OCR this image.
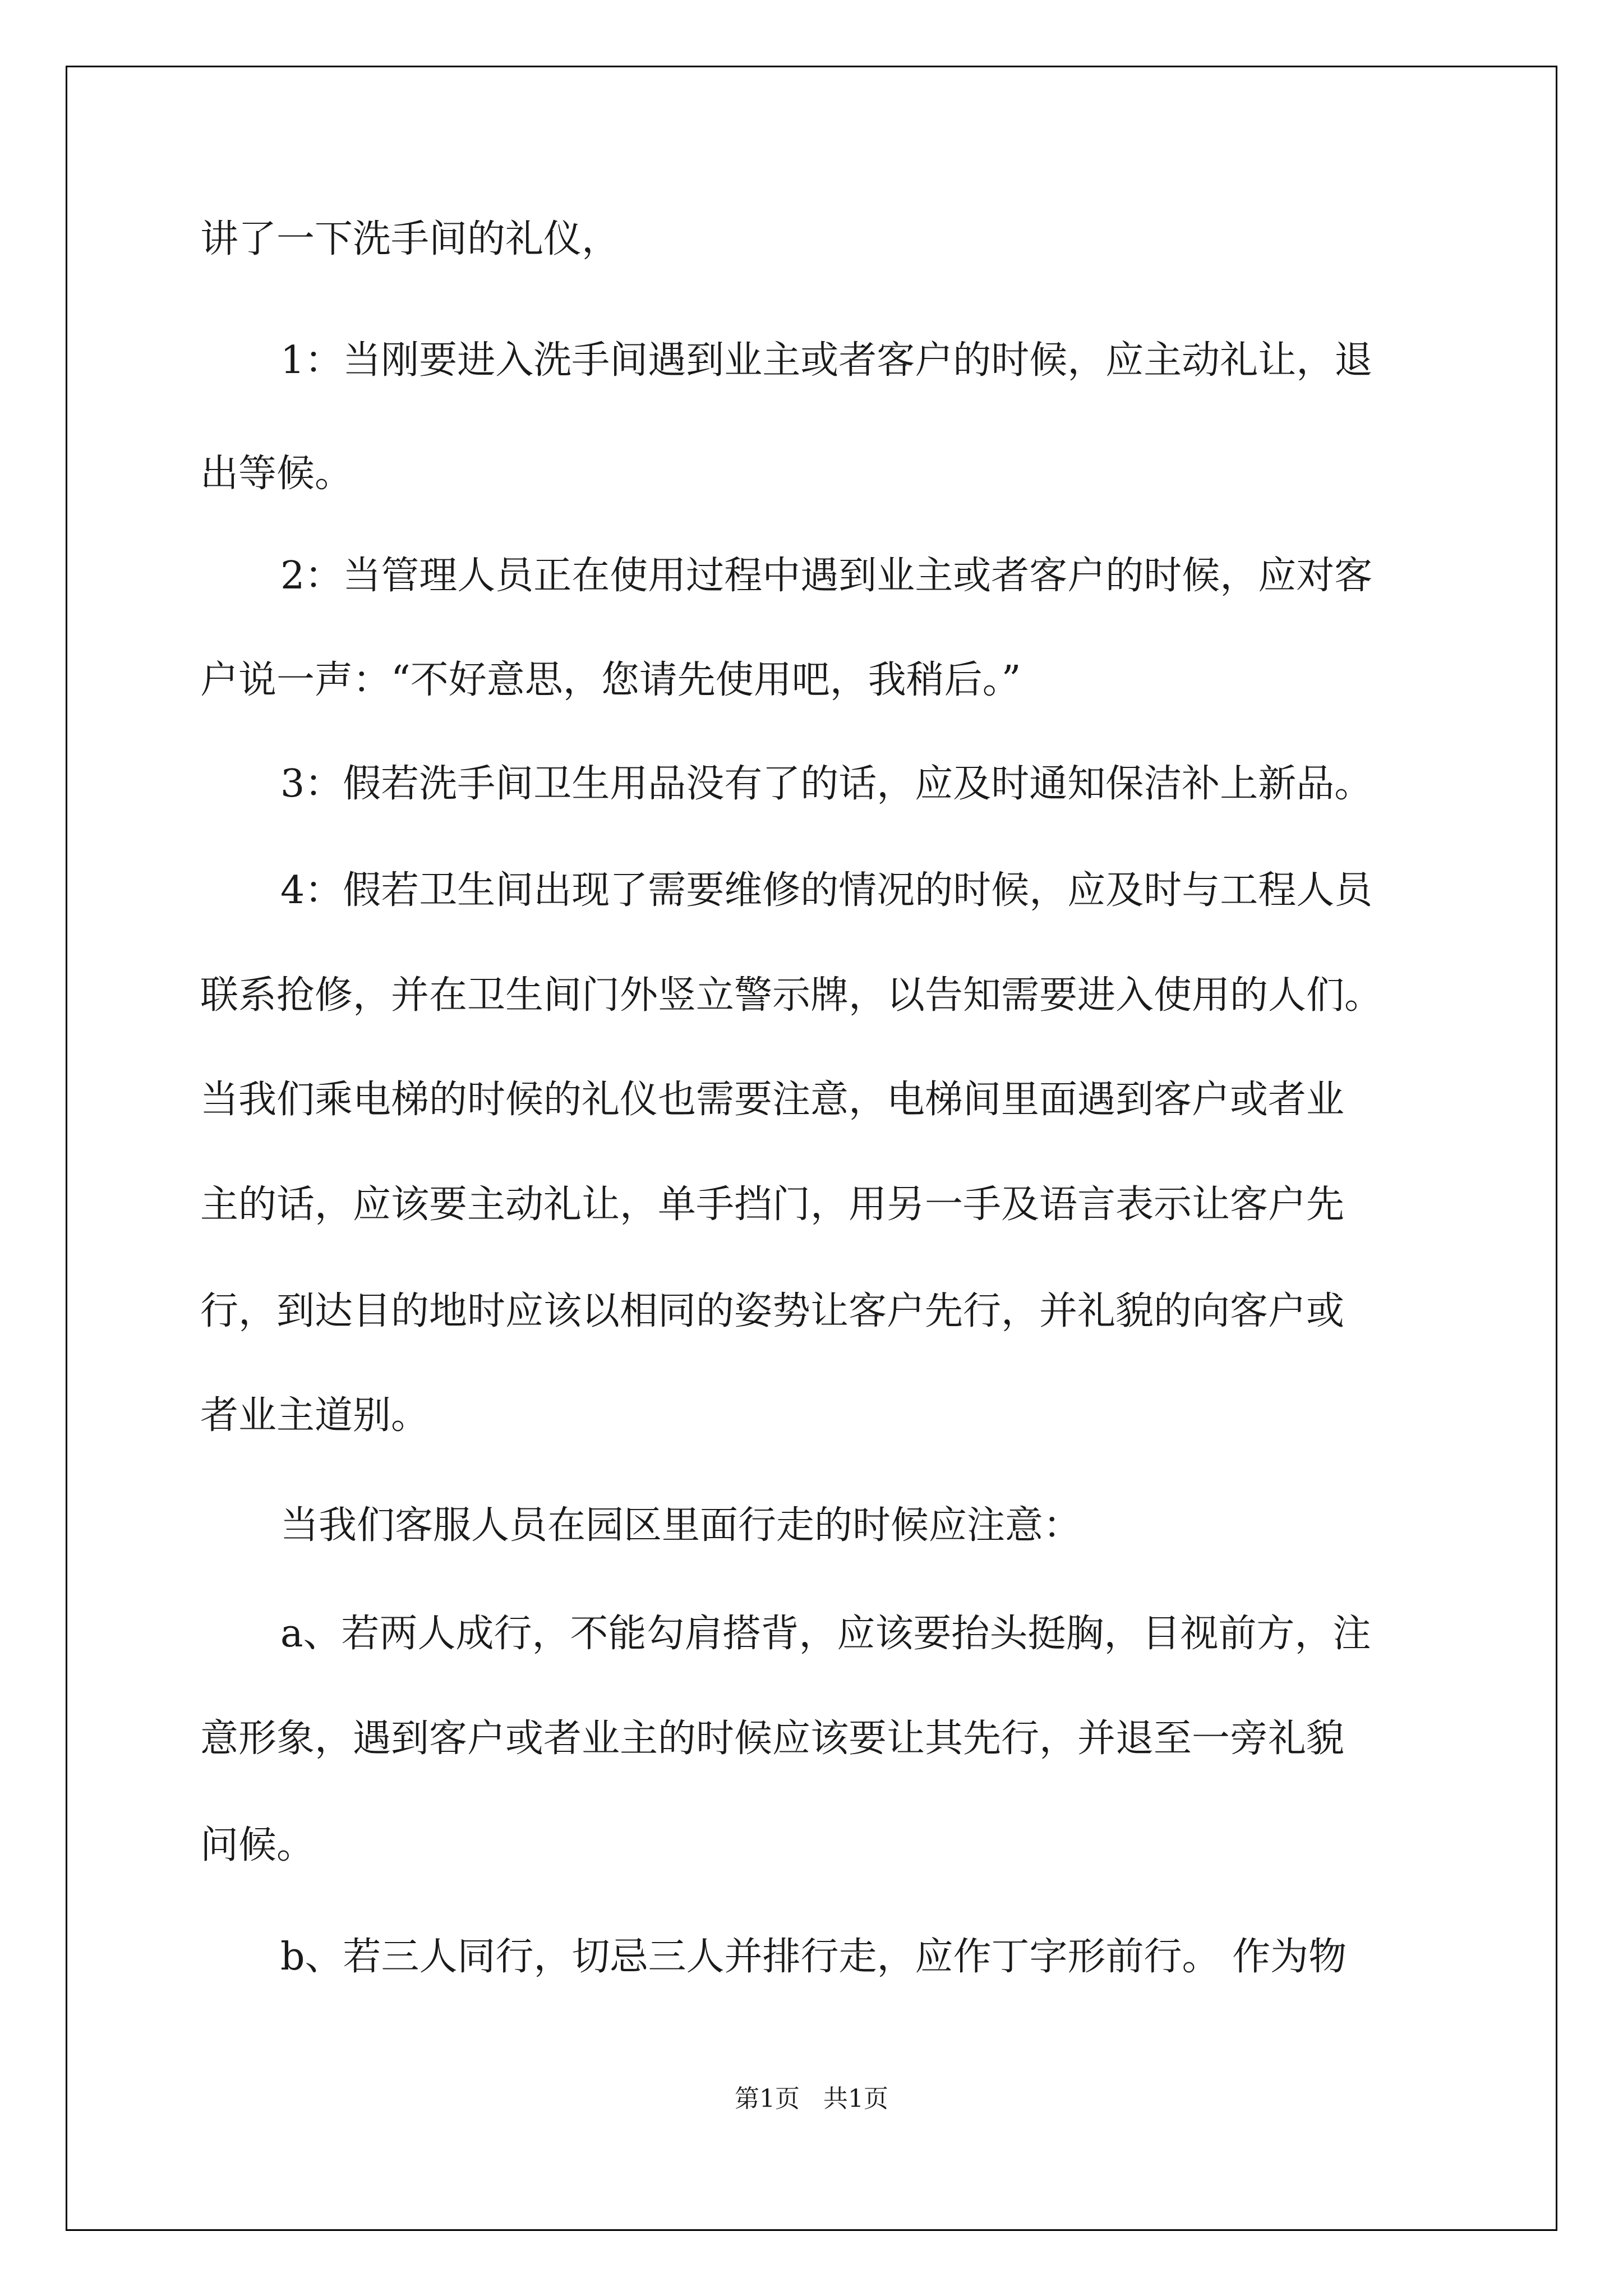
讲了一下洗手间的礼仪，

1：当刚要进入洗手间遇到业主或者客户的时候，应主动礼让，退

出等候。

2：当管理人员正在使用过程中遇到业主或者客户的时候，应对客

户说一声：“不好意思，您请先使用吧，我稍后。”

3：假若洗手间卫生用品没有了的话，应及时通知保洁补上新品。

4：假若卫生间出现了需要维修的情况的时候，应及时与工程人员

联系抢修，并在卫生间门外竖立警示牌，以告知需要进入使用的人们。

当我们乘电梯的时候的礼仪也需要注意，电梯间里面遇到客户或者业

主的话，应该要主动礼让，单手挡门，用另一手及语言表示让客户先

行，到达目的地时应该以相同的姿势让客户先行，并礼貌的向客户或

者业主道别。

当我们客服人员在园区里面行走的时候应注意：

a、若两人成行，不能勾肩搭背，应该要抬头挺胸，目视前方，注

意形象，遇到客户或者业主的时候应该要让其先行，并退至一旁礼貌

问候。

b、若三人同行，切忌三人并排行走，应作丁字形前行。 作为物

第1页   共1页
